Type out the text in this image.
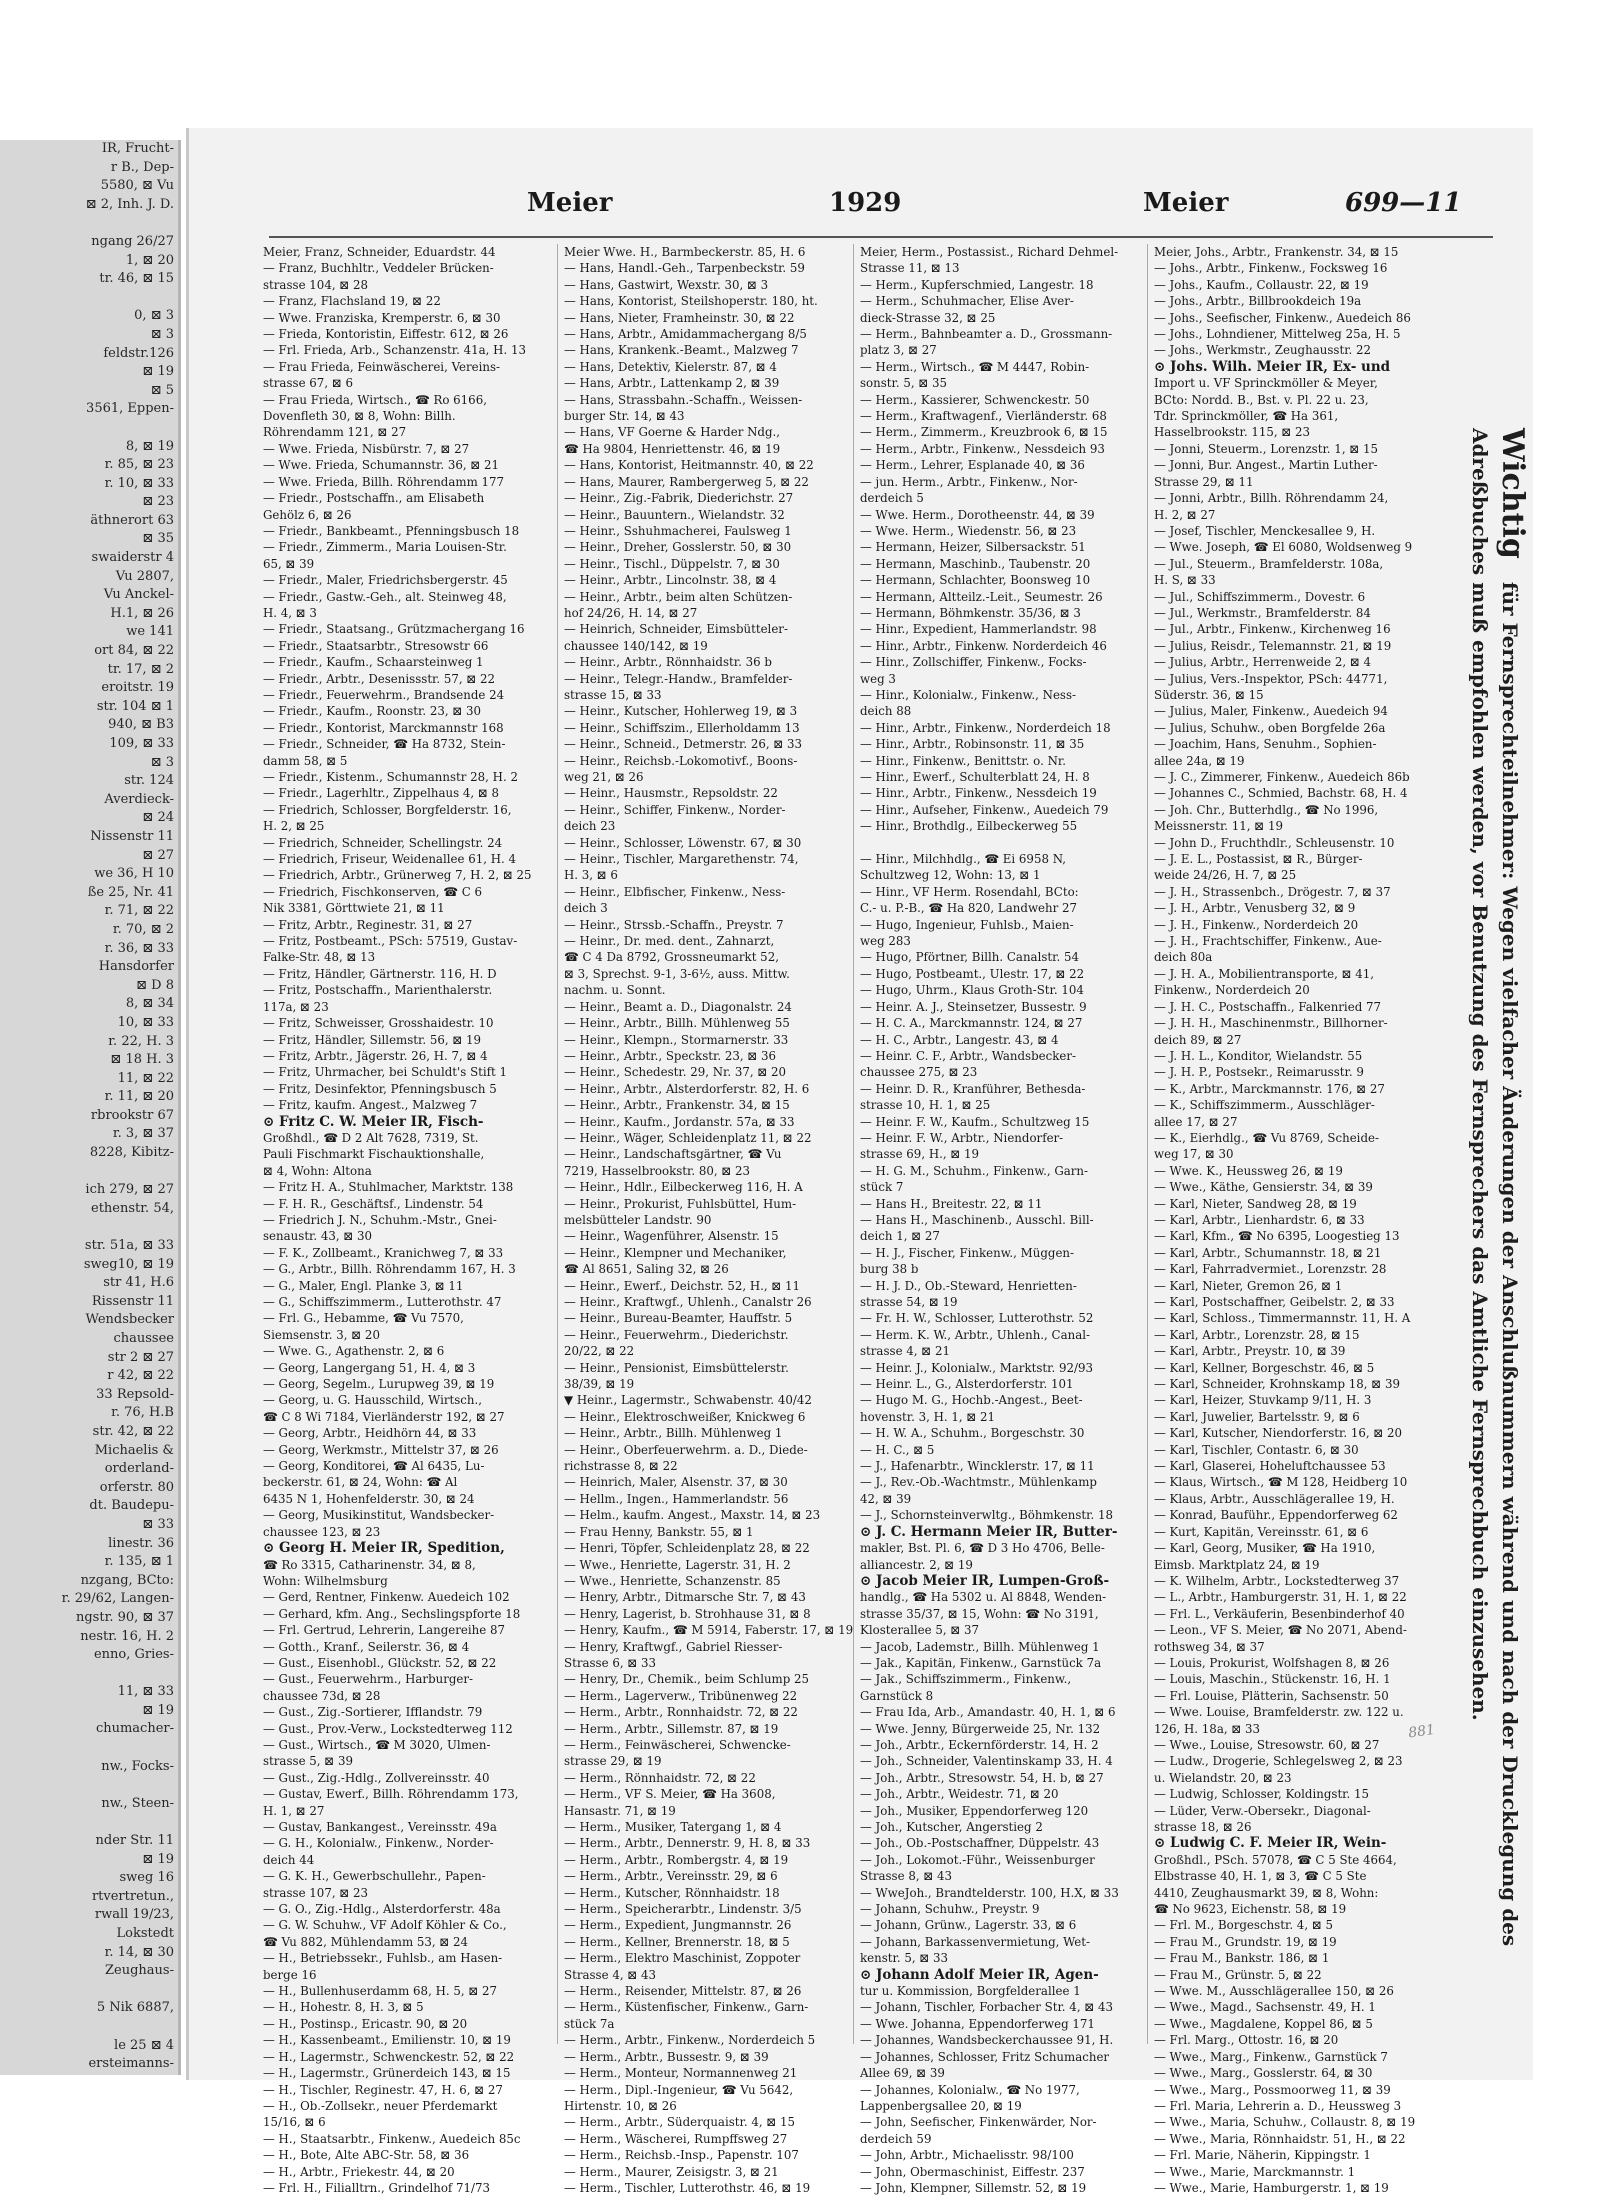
IR, Frucht-
r B., Dep-
5580, ⊠ Vu
⊠ 2, Inh. J. D.

ngang 26/27
1, ⊠ 20
tr. 46, ⊠ 15

0, ⊠ 3
⊠ 3
feldstr.126
⊠ 19
⊠ 5
3561, Eppen-

8, ⊠ 19
r. 85, ⊠ 23
r. 10, ⊠ 33
⊠ 23
äthnerort 63
⊠ 35
swaiderstr 4
Vu 2807,
Vu Anckel-
H.1, ⊠ 26
we 141
ort 84, ⊠ 22
tr. 17, ⊠ 2
eroitstr. 19
str. 104 ⊠ 1
940, ⊠ B3
109, ⊠ 33
⊠ 3
str. 124
Averdieck-
⊠ 24
Nissenstr 11
⊠ 27
we 36, H 10
ße 25, Nr. 41
r. 71, ⊠ 22
r. 70, ⊠ 2
r. 36, ⊠ 33
Hansdorfer
⊠ D 8
8, ⊠ 34
10, ⊠ 33
r. 22, H. 3
⊠ 18 H. 3
11, ⊠ 22
r. 11, ⊠ 20
rbrookstr 67
r. 3, ⊠ 37
8228, Kibitz-

ich 279, ⊠ 27
ethenstr. 54,

str. 51a, ⊠ 33
sweg10, ⊠ 19
str 41, H.6
Rissenstr 11
Wendsbecker
chaussee
str 2 ⊠ 27
r 42, ⊠ 22
33 Repsold-
r. 76, H.B
str. 42, ⊠ 22
Michaelis &
orderland-
orferstr. 80
dt. Baudepu-
⊠ 33
linestr. 36
r. 135, ⊠ 1
nzgang, BCto:
r. 29/62, Langen-
ngstr. 90, ⊠ 37
nestr. 16, H. 2
enno, Gries-

11, ⊠ 33
⊠ 19
chumacher-

nw., Focks-

nw., Steen-

nder Str. 11
⊠ 19
sweg 16
rtvertretun.,
rwall 19/23,
Lokstedt
r. 14, ⊠ 30
Zeughaus-

5 Nik 6887,

le 25 ⊠ 4
ersteimanns-
Meier	1929	Meier	699—11
Meier, Franz, Schneider, Eduardstr. 44
— Franz, Buchhltr., Veddeler Brücken-
strasse 104, ⊠ 28
— Franz, Flachsland 19, ⊠ 22
— Wwe. Franziska, Kremperstr. 6, ⊠ 30
— Frieda, Kontoristin, Eiffestr. 612, ⊠ 26
— Frl. Frieda, Arb., Schanzenstr. 41a, H. 13
— Frau Frieda, Feinwäscherei, Vereins-
strasse 67, ⊠ 6
— Frau Frieda, Wirtsch., ☎ Ro 6166,
Dovenfleth 30, ⊠ 8, Wohn: Billh.
Röhrendamm 121, ⊠ 27
— Wwe. Frieda, Nisbürstr. 7, ⊠ 27
— Wwe. Frieda, Schumannstr. 36, ⊠ 21
— Wwe. Frieda, Billh. Röhrendamm 177
— Friedr., Postschaffn., am Elisabeth
Gehölz 6, ⊠ 26
— Friedr., Bankbeamt., Pfenningsbusch 18
— Friedr., Zimmerm., Maria Louisen-Str.
65, ⊠ 39
— Friedr., Maler, Friedrichsbergerstr. 45
— Friedr., Gastw.-Geh., alt. Steinweg 48,
H. 4, ⊠ 3
— Friedr., Staatsang., Grützmachergang 16
— Friedr., Staatsarbtr., Stresowstr 66
— Friedr., Kaufm., Schaarsteinweg 1
— Friedr., Arbtr., Desenissstr. 57, ⊠ 22
— Friedr., Feuerwehrm., Brandsende 24
— Friedr., Kaufm., Roonstr. 23, ⊠ 30
— Friedr., Kontorist, Marckmannstr 168
— Friedr., Schneider, ☎ Ha 8732, Stein-
damm 58, ⊠ 5
— Friedr., Kistenm., Schumannstr 28, H. 2
— Friedr., Lagerhltr., Zippelhaus 4, ⊠ 8
— Friedrich, Schlosser, Borgfelderstr. 16,
H. 2, ⊠ 25
— Friedrich, Schneider, Schellingstr. 24
— Friedrich, Friseur, Weidenallee 61, H. 4
— Friedrich, Arbtr., Grünerweg 7, H. 2, ⊠ 25
— Friedrich, Fischkonserven, ☎ C 6
Nik 3381, Görttwiete 21, ⊠ 11
— Fritz, Arbtr., Reginestr. 31, ⊠ 27
— Fritz, Postbeamt., PSch: 57519, Gustav-
Falke-Str. 48, ⊠ 13
— Fritz, Händler, Gärtnerstr. 116, H. D
— Fritz, Postschaffn., Marienthalerstr.
117a, ⊠ 23
— Fritz, Schweisser, Grosshaidestr. 10
— Fritz, Händler, Sillemstr. 56, ⊠ 19
— Fritz, Arbtr., Jägerstr. 26, H. 7, ⊠ 4
— Fritz, Uhrmacher, bei Schuldt's Stift 1
— Fritz, Desinfektor, Pfenningsbusch 5
— Fritz, kaufm. Angest., Malzweg 7
⊙ Fritz C. W. Meier IR, Fisch-
Großhdl., ☎ D 2 Alt 7628, 7319, St.
Pauli Fischmarkt Fischauktionshalle,
⊠ 4, Wohn: Altona
— Fritz H. A., Stuhlmacher, Marktstr. 138
— F. H. R., Geschäftsf., Lindenstr. 54
— Friedrich J. N., Schuhm.-Mstr., Gnei-
senaustr. 43, ⊠ 30
— F. K., Zollbeamt., Kranichweg 7, ⊠ 33
— G., Arbtr., Billh. Röhrendamm 167, H. 3
— G., Maler, Engl. Planke 3, ⊠ 11
— G., Schiffszimmerm., Lutterothstr. 47
— Frl. G., Hebamme, ☎ Vu 7570,
Siemsenstr. 3, ⊠ 20
— Wwe. G., Agathenstr. 2, ⊠ 6
— Georg, Langergang 51, H. 4, ⊠ 3
— Georg, Segelm., Lurupweg 39, ⊠ 19
— Georg, u. G. Hausschild, Wirtsch.,
☎ C 8 Wi 7184, Vierländerstr 192, ⊠ 27
— Georg, Arbtr., Heidhörn 44, ⊠ 33
— Georg, Werkmstr., Mittelstr 37, ⊠ 26
— Georg, Konditorei, ☎ Al 6435, Lu-
beckerstr. 61, ⊠ 24, Wohn: ☎ Al
6435 N 1, Hohenfelderstr. 30, ⊠ 24
— Georg, Musikinstitut, Wandsbecker-
chaussee 123, ⊠ 23
⊙ Georg H. Meier IR, Spedition,
☎ Ro 3315, Catharinenstr. 34, ⊠ 8,
Wohn: Wilhelmsburg
— Gerd, Rentner, Finkenw. Auedeich 102
— Gerhard, kfm. Ang., Sechslingspforte 18
— Frl. Gertrud, Lehrerin, Langereihe 87
— Gotth., Kranf., Seilerstr. 36, ⊠ 4
— Gust., Eisenhobl., Glückstr. 52, ⊠ 22
— Gust., Feuerwehrm., Harburger-
chaussee 73d, ⊠ 28
— Gust., Zig.-Sortierer, Ifflandstr. 79
— Gust., Prov.-Verw., Lockstedterweg 112
— Gust., Wirtsch., ☎ M 3020, Ulmen-
strasse 5, ⊠ 39
— Gust., Zig.-Hdlg., Zollvereinsstr. 40
— Gustav, Ewerf., Billh. Röhrendamm 173,
H. 1, ⊠ 27
— Gustav, Bankangest., Vereinsstr. 49a
— G. H., Kolonialw., Finkenw., Norder-
deich 44
— G. K. H., Gewerbschullehr., Papen-
strasse 107, ⊠ 23
— G. O., Zig.-Hdlg., Alsterdorferstr. 48a
— G. W. Schuhw., VF Adolf Köhler & Co.,
☎ Vu 882, Mühlendamm 53, ⊠ 24
— H., Betriebssekr., Fuhlsb., am Hasen-
berge 16
— H., Bullenhuserdamm 68, H. 5, ⊠ 27
— H., Hohestr. 8, H. 3, ⊠ 5
— H., Postinsp., Ericastr. 90, ⊠ 20
— H., Kassenbeamt., Emilienstr. 10, ⊠ 19
— H., Lagermstr., Schwenckestr. 52, ⊠ 22
— H., Lagermstr., Grünerdeich 143, ⊠ 15
— H., Tischler, Reginestr. 47, H. 6, ⊠ 27
— H., Ob.-Zollsekr., neuer Pferdemarkt
15/16, ⊠ 6
— H., Staatsarbtr., Finkenw., Auedeich 85c
— H., Bote, Alte ABC-Str. 58, ⊠ 36
— H., Arbtr., Friekestr. 44, ⊠ 20
— Frl. H., Filialltrn., Grindelhof 71/73
Meier Wwe. H., Barmbeckerstr. 85, H. 6
— Hans, Handl.-Geh., Tarpenbeckstr. 59
— Hans, Gastwirt, Wexstr. 30, ⊠ 3
— Hans, Kontorist, Steilshoperstr. 180, ht.
— Hans, Nieter, Framheinstr. 30, ⊠ 22
— Hans, Arbtr., Amidammachergang 8/5
— Hans, Krankenk.-Beamt., Malzweg 7
— Hans, Detektiv, Kielerstr. 87, ⊠ 4
— Hans, Arbtr., Lattenkamp 2, ⊠ 39
— Hans, Strassbahn.-Schaffn., Weissen-
burger Str. 14, ⊠ 43
— Hans, VF Goerne & Harder Ndg.,
☎ Ha 9804, Henriettenstr. 46, ⊠ 19
— Hans, Kontorist, Heitmannstr. 40, ⊠ 22
— Hans, Maurer, Rambergerweg 5, ⊠ 22
— Heinr., Zig.-Fabrik, Diederichstr. 27
— Heinr., Bauuntern., Wielandstr. 32
— Heinr., Sshuhmacherei, Faulsweg 1
— Heinr., Dreher, Gosslerstr. 50, ⊠ 30
— Heinr., Tischl., Düppelstr. 7, ⊠ 30
— Heinr., Arbtr., Lincolnstr. 38, ⊠ 4
— Heinr., Arbtr., beim alten Schützen-
hof 24/26, H. 14, ⊠ 27
— Heinrich, Schneider, Eimsbütteler-
chaussee 140/142, ⊠ 19
— Heinr., Arbtr., Rönnhaidstr. 36 b
— Heinr., Telegr.-Handw., Bramfelder-
strasse 15, ⊠ 33
— Heinr., Kutscher, Hohlerweg 19, ⊠ 3
— Heinr., Schiffszim., Ellerholdamm 13
— Heinr., Schneid., Detmerstr. 26, ⊠ 33
— Heinr., Reichsb.-Lokomotivf., Boons-
weg 21, ⊠ 26
— Heinr., Hausmstr., Repsoldstr. 22
— Heinr., Schiffer, Finkenw., Norder-
deich 23
— Heinr., Schlosser, Löwenstr. 67, ⊠ 30
— Heinr., Tischler, Margarethenstr. 74,
H. 3, ⊠ 6
— Heinr., Elbfischer, Finkenw., Ness-
deich 3
— Heinr., Strssb.-Schaffn., Preystr. 7
— Heinr., Dr. med. dent., Zahnarzt,
☎ C 4 Da 8792, Grossneumarkt 52,
⊠ 3, Sprechst. 9-1, 3-6½, auss. Mittw.
nachm. u. Sonnt.
— Heinr., Beamt a. D., Diagonalstr. 24
— Heinr., Arbtr., Billh. Mühlenweg 55
— Heinr., Klempn., Stormarnerstr. 33
— Heinr., Arbtr., Speckstr. 23, ⊠ 36
— Heinr., Schedestr. 29, Nr. 37, ⊠ 20
— Heinr., Arbtr., Alsterdorferstr. 82, H. 6
— Heinr., Arbtr., Frankenstr. 34, ⊠ 15
— Heinr., Kaufm., Jordanstr. 57a, ⊠ 33
— Heinr., Wäger, Schleidenplatz 11, ⊠ 22
— Heinr., Landschaftsgärtner, ☎ Vu
7219, Hasselbrookstr. 80, ⊠ 23
— Heinr., Hdlr., Eilbeckerweg 116, H. A
— Heinr., Prokurist, Fuhlsbüttel, Hum-
melsbütteler Landstr. 90
— Heinr., Wagenführer, Alsenstr. 15
— Heinr., Klempner und Mechaniker,
☎ Al 8651, Saling 32, ⊠ 26
— Heinr., Ewerf., Deichstr. 52, H., ⊠ 11
— Heinr., Kraftwgf., Uhlenh., Canalstr 26
— Heinr., Bureau-Beamter, Hauffstr. 5
— Heinr., Feuerwehrm., Diederichstr.
20/22, ⊠ 22
— Heinr., Pensionist, Eimsbüttelerstr.
38/39, ⊠ 19
▼ Heinr., Lagermstr., Schwabenstr. 40/42
— Heinr., Elektroschweißer, Knickweg 6
— Heinr., Arbtr., Billh. Mühlenweg 1
— Heinr., Oberfeuerwehrm. a. D., Diede-
richstrasse 8, ⊠ 22
— Heinrich, Maler, Alsenstr. 37, ⊠ 30
— Hellm., Ingen., Hammerlandstr. 56
— Helm., kaufm. Angest., Maxstr. 14, ⊠ 23
— Frau Henny, Bankstr. 55, ⊠ 1
— Henri, Töpfer, Schleidenplatz 28, ⊠ 22
— Wwe., Henriette, Lagerstr. 31, H. 2
— Wwe., Henriette, Schanzenstr. 85
— Henry, Arbtr., Ditmarsche Str. 7, ⊠ 43
— Henry, Lagerist, b. Strohhause 31, ⊠ 8
— Henry, Kaufm., ☎ M 5914, Faberstr. 17, ⊠ 19
— Henry, Kraftwgf., Gabriel Riesser-
Strasse 6, ⊠ 33
— Henry, Dr., Chemik., beim Schlump 25
— Herm., Lagerverw., Tribünenweg 22
— Herm., Arbtr., Ronnhaidstr. 72, ⊠ 22
— Herm., Arbtr., Sillemstr. 87, ⊠ 19
— Herm., Feinwäscherei, Schwencke-
strasse 29, ⊠ 19
— Herm., Rönnhaidstr. 72, ⊠ 22
— Herm., VF S. Meier, ☎ Ha 3608,
Hansastr. 71, ⊠ 19
— Herm., Musiker, Tatergang 1, ⊠ 4
— Herm., Arbtr., Dennerstr. 9, H. 8, ⊠ 33
— Herm., Arbtr., Rombergstr. 4, ⊠ 19
— Herm., Arbtr., Vereinsstr. 29, ⊠ 6
— Herm., Kutscher, Rönnhaidstr. 18
— Herm., Speicherarbtr., Lindenstr. 3/5
— Herm., Expedient, Jungmannstr. 26
— Herm., Kellner, Brennerstr. 18, ⊠ 5
— Herm., Elektro Maschinist, Zoppoter
Strasse 4, ⊠ 43
— Herm., Reisender, Mittelstr. 87, ⊠ 26
— Herm., Küstenfischer, Finkenw., Garn-
stück 7a
— Herm., Arbtr., Finkenw., Norderdeich 5
— Herm., Arbtr., Bussestr. 9, ⊠ 39
— Herm., Monteur, Normannenweg 21
— Herm., Dipl.-Ingenieur, ☎ Vu 5642,
Hirtenstr. 10, ⊠ 26
— Herm., Arbtr., Süderquaistr. 4, ⊠ 15
— Herm., Wäscherei, Rumpffsweg 27
— Herm., Reichsb.-Insp., Papenstr. 107
— Herm., Maurer, Zeisigstr. 3, ⊠ 21
— Herm., Tischler, Lutterothstr. 46, ⊠ 19
Meier, Herm., Postassist., Richard Dehmel-
Strasse 11, ⊠ 13
— Herm., Kupferschmied, Langestr. 18
— Herm., Schuhmacher, Elise Aver-
dieck-Strasse 32, ⊠ 25
— Herm., Bahnbeamter a. D., Grossmann-
platz 3, ⊠ 27
— Herm., Wirtsch., ☎ M 4447, Robin-
sonstr. 5, ⊠ 35
— Herm., Kassierer, Schwenckestr. 50
— Herm., Kraftwagenf., Vierländerstr. 68
— Herm., Zimmerm., Kreuzbrook 6, ⊠ 15
— Herm., Arbtr., Finkenw., Nessdeich 93
— Herm., Lehrer, Esplanade 40, ⊠ 36
— jun. Herm., Arbtr., Finkenw., Nor-
derdeich 5
— Wwe. Herm., Dorotheenstr. 44, ⊠ 39
— Wwe. Herm., Wiedenstr. 56, ⊠ 23
— Hermann, Heizer, Silbersackstr. 51
— Hermann, Maschinb., Taubenstr. 20
— Hermann, Schlachter, Boonsweg 10
— Hermann, Altteilz.-Leit., Seumestr. 26
— Hermann, Böhmkenstr. 35/36, ⊠ 3
— Hinr., Expedient, Hammerlandstr. 98
— Hinr., Arbtr., Finkenw. Norderdeich 46
— Hinr., Zollschiffer, Finkenw., Focks-
weg 3
— Hinr., Kolonialw., Finkenw., Ness-
deich 88
— Hinr., Arbtr., Finkenw., Norderdeich 18
— Hinr., Arbtr., Robinsonstr. 11, ⊠ 35
— Hinr., Finkenw., Benittstr. o. Nr.
— Hinr., Ewerf., Schulterblatt 24, H. 8
— Hinr., Arbtr., Finkenw., Nessdeich 19
— Hinr., Aufseher, Finkenw., Auedeich 79
— Hinr., Brothdlg., Eilbeckerweg 55

— Hinr., Milchhdlg., ☎ Ei 6958 N,
Schultzweg 12, Wohn: 13, ⊠ 1
— Hinr., VF Herm. Rosendahl, BCto:
C.- u. P.-B., ☎ Ha 820, Landwehr 27
— Hugo, Ingenieur, Fuhlsb., Maien-
weg 283
— Hugo, Pförtner, Billh. Canalstr. 54
— Hugo, Postbeamt., Ulestr. 17, ⊠ 22
— Hugo, Uhrm., Klaus Groth-Str. 104
— Heinr. A. J., Steinsetzer, Bussestr. 9
— H. C. A., Marckmannstr. 124, ⊠ 27
— H. C., Arbtr., Langestr. 43, ⊠ 4
— Heinr. C. F., Arbtr., Wandsbecker-
chaussee 275, ⊠ 23
— Heinr. D. R., Kranführer, Bethesda-
strasse 10, H. 1, ⊠ 25
— Heinr. F. W., Kaufm., Schultzweg 15
— Heinr. F. W., Arbtr., Niendorfer-
strasse 69, H., ⊠ 19
— H. G. M., Schuhm., Finkenw., Garn-
stück 7
— Hans H., Breitestr. 22, ⊠ 11
— Hans H., Maschinenb., Ausschl. Bill-
deich 1, ⊠ 27
— H. J., Fischer, Finkenw., Müggen-
burg 38 b
— H. J. D., Ob.-Steward, Henrietten-
strasse 54, ⊠ 19
— Fr. H. W., Schlosser, Lutterothstr. 52
— Herm. K. W., Arbtr., Uhlenh., Canal-
strasse 4, ⊠ 21
— Heinr. J., Kolonialw., Marktstr. 92/93
— Heinr. L., G., Alsterdorferstr. 101
— Hugo M. G., Hochb.-Angest., Beet-
hovenstr. 3, H. 1, ⊠ 21
— H. W. A., Schuhm., Borgeschstr. 30
— H. C., ⊠ 5
— J., Hafenarbtr., Wincklerstr. 17, ⊠ 11
— J., Rev.-Ob.-Wachtmstr., Mühlenkamp
42, ⊠ 39
— J., Schornsteinverwltg., Böhmkenstr. 18
⊙ J. C. Hermann Meier IR, Butter-
makler, Bst. Pl. 6, ☎ D 3 Ho 4706, Belle-
alliancestr. 2, ⊠ 19
⊙ Jacob Meier IR, Lumpen-Groß-
handlg., ☎ Ha 5302 u. Al 8848, Wenden-
strasse 35/37, ⊠ 15, Wohn: ☎ No 3191,
Klosterallee 5, ⊠ 37
— Jacob, Lademstr., Billh. Mühlenweg 1
— Jak., Kapitän, Finkenw., Garnstück 7a
— Jak., Schiffszimmerm., Finkenw.,
Garnstück 8
— Frau Ida, Arb., Amandastr. 40, H. 1, ⊠ 6
— Wwe. Jenny, Bürgerweide 25, Nr. 132
— Joh., Arbtr., Eckernförderstr. 14, H. 2
— Joh., Schneider, Valentinskamp 33, H. 4
— Joh., Arbtr., Stresowstr. 54, H. b, ⊠ 27
— Joh., Arbtr., Weidestr. 71, ⊠ 20
— Joh., Musiker, Eppendorferweg 120
— Joh., Kutscher, Angerstieg 2
— Joh., Ob.-Postschaffner, Düppelstr. 43
— Joh., Lokomot.-Führ., Weissenburger
Strasse 8, ⊠ 43
— WweJoh., Brandtelderstr. 100, H.X, ⊠ 33
— Johann, Schuhw., Preystr. 9
— Johann, Grünw., Lagerstr. 33, ⊠ 6
— Johann, Barkassenvermietung, Wet-
kenstr. 5, ⊠ 33
⊙ Johann Adolf Meier IR, Agen-
tur u. Kommission, Borgfelderallee 1
— Johann, Tischler, Forbacher Str. 4, ⊠ 43
— Wwe. Johanna, Eppendorferweg 171
— Johannes, Wandsbeckerchaussee 91, H.
— Johannes, Schlosser, Fritz Schumacher
Allee 69, ⊠ 39
— Johannes, Kolonialw., ☎ No 1977,
Lappenbergsallee 20, ⊠ 19
— John, Seefischer, Finkenwärder, Nor-
derdeich 59
— John, Arbtr., Michaelisstr. 98/100
— John, Obermaschinist, Eiffestr. 237
— John, Klempner, Sillemstr. 52, ⊠ 19
Meier, Johs., Arbtr., Frankenstr. 34, ⊠ 15
— Johs., Arbtr., Finkenw., Focksweg 16
— Johs., Kaufm., Collaustr. 22, ⊠ 19
— Johs., Arbtr., Billbrookdeich 19a
— Johs., Seefischer, Finkenw., Auedeich 86
— Johs., Lohndiener, Mittelweg 25a, H. 5
— Johs., Werkmstr., Zeughausstr. 22
⊙ Johs. Wilh. Meier IR, Ex- und
Import u. VF Sprinckmöller & Meyer,
BCto: Nordd. B., Bst. v. Pl. 22 u. 23,
Tdr. Sprinckmöller, ☎ Ha 361,
Hasselbrookstr. 115, ⊠ 23
— Jonni, Steuerm., Lorenzstr. 1, ⊠ 15
— Jonni, Bur. Angest., Martin Luther-
Strasse 29, ⊠ 11
— Jonni, Arbtr., Billh. Röhrendamm 24,
H. 2, ⊠ 27
— Josef, Tischler, Menckesallee 9, H.
— Wwe. Joseph, ☎ El 6080, Woldsenweg 9
— Jul., Steuerm., Bramfelderstr. 108a,
H. S, ⊠ 33
— Jul., Schiffszimmerm., Dovestr. 6
— Jul., Werkmstr., Bramfelderstr. 84
— Jul., Arbtr., Finkenw., Kirchenweg 16
— Julius, Reisdr., Telemannstr. 21, ⊠ 19
— Julius, Arbtr., Herrenweide 2, ⊠ 4
— Julius, Vers.-Inspektor, PSch: 44771,
Süderstr. 36, ⊠ 15
— Julius, Maler, Finkenw., Auedeich 94
— Julius, Schuhw., oben Borgfelde 26a
— Joachim, Hans, Senuhm., Sophien-
allee 24a, ⊠ 19
— J. C., Zimmerer, Finkenw., Auedeich 86b
— Johannes C., Schmied, Bachstr. 68, H. 4
— Joh. Chr., Butterhdlg., ☎ No 1996,
Meissnerstr. 11, ⊠ 19
— John D., Fruchthdlr., Schleusenstr. 10
— J. E. L., Postassist, ⊠ R., Bürger-
weide 24/26, H. 7, ⊠ 25
— J. H., Strassenbch., Drögestr. 7, ⊠ 37
— J. H., Arbtr., Venusberg 32, ⊠ 9
— J. H., Finkenw., Norderdeich 20
— J. H., Frachtschiffer, Finkenw., Aue-
deich 80a
— J. H. A., Mobilientransporte, ⊠ 41,
Finkenw., Norderdeich 20
— J. H. C., Postschaffn., Falkenried 77
— J. H. H., Maschinenmstr., Billhorner-
deich 89, ⊠ 27
— J. H. L., Konditor, Wielandstr. 55
— J. H. P., Postsekr., Reimarusstr. 9
— K., Arbtr., Marckmannstr. 176, ⊠ 27
— K., Schiffszimmerm., Ausschläger-
allee 17, ⊠ 27
— K., Eierhdlg., ☎ Vu 8769, Scheide-
weg 17, ⊠ 30
— Wwe. K., Heussweg 26, ⊠ 19
— Wwe., Käthe, Gensierstr. 34, ⊠ 39
— Karl, Nieter, Sandweg 28, ⊠ 19
— Karl, Arbtr., Lienhardstr. 6, ⊠ 33
— Karl, Kfm., ☎ No 6395, Loogestieg 13
— Karl, Arbtr., Schumannstr. 18, ⊠ 21
— Karl, Fahrradvermiet., Lorenzstr. 28
— Karl, Nieter, Gremon 26, ⊠ 1
— Karl, Postschaffner, Geibelstr. 2, ⊠ 33
— Karl, Schloss., Timmermannstr. 11, H. A
— Karl, Arbtr., Lorenzstr. 28, ⊠ 15
— Karl, Arbtr., Preystr. 10, ⊠ 39
— Karl, Kellner, Borgeschstr. 46, ⊠ 5
— Karl, Schneider, Krohnskamp 18, ⊠ 39
— Karl, Heizer, Stuvkamp 9/11, H. 3
— Karl, Juwelier, Bartelsstr. 9, ⊠ 6
— Karl, Kutscher, Niendorferstr. 16, ⊠ 20
— Karl, Tischler, Contastr. 6, ⊠ 30
— Karl, Glaserei, Hoheluftchaussee 53
— Klaus, Wirtsch., ☎ M 128, Heidberg 10
— Klaus, Arbtr., Ausschlägerallee 19, H.
— Konrad, Bauführ., Eppendorferweg 62
— Kurt, Kapitän, Vereinsstr. 61, ⊠ 6
— Karl, Georg, Musiker, ☎ Ha 1910,
Eimsb. Marktplatz 24, ⊠ 19
— K. Wilhelm, Arbtr., Lockstedterweg 37
— L., Arbtr., Hamburgerstr. 31, H. 1, ⊠ 22
— Frl. L., Verkäuferin, Besenbinderhof 40
— Leon., VF S. Meier, ☎ No 2071, Abend-
rothsweg 34, ⊠ 37
— Louis, Prokurist, Wolfshagen 8, ⊠ 26
— Louis, Maschin., Stückenstr. 16, H. 1
— Frl. Louise, Plätterin, Sachsenstr. 50
— Wwe. Louise, Bramfelderstr. zw. 122 u.
126, H. 18a, ⊠ 33
— Wwe., Louise, Stresowstr. 60, ⊠ 27
— Ludw., Drogerie, Schlegelsweg 2, ⊠ 23
u. Wielandstr. 20, ⊠ 23
— Ludwig, Schlosser, Koldingstr. 15
— Lüder, Verw.-Obersekr., Diagonal-
strasse 18, ⊠ 26
⊙ Ludwig C. F. Meier IR, Wein-
Großhdl., PSch. 57078, ☎ C 5 Ste 4664,
Elbstrasse 40, H. 1, ⊠ 3, ☎ C 5 Ste
4410, Zeughausmarkt 39, ⊠ 8, Wohn:
☎ No 9623, Eichenstr. 58, ⊠ 19
— Frl. M., Borgeschstr. 4, ⊠ 5
— Frau M., Grundstr. 19, ⊠ 19
— Frau M., Bankstr. 186, ⊠ 1
— Frau M., Grünstr. 5, ⊠ 22
— Wwe. M., Ausschlägerallee 150, ⊠ 26
— Wwe., Magd., Sachsenstr. 49, H. 1
— Wwe., Magdalene, Koppel 86, ⊠ 5
— Frl. Marg., Ottostr. 16, ⊠ 20
— Wwe., Marg., Finkenw., Garnstück 7
— Wwe., Marg., Gosslerstr. 64, ⊠ 30
— Wwe., Marg., Possmoorweg 11, ⊠ 39
— Frl. Maria, Lehrerin a. D., Heussweg 3
— Wwe., Maria, Schuhw., Collaustr. 8, ⊠ 19
— Wwe., Maria, Rönnhaidstr. 51, H., ⊠ 22
— Frl. Marie, Näherin, Kippingstr. 1
— Wwe., Marie, Marckmannstr. 1
— Wwe., Marie, Hamburgerstr. 1, ⊠ 19
Wichtig für Fernsprechteilnehmer: Wegen vielfacher Änderungen der Anschlußnummern während und nach der Drucklegung des Adreßbuches muß empfohlen werden, vor Benutzung des Fernsprechers das Amtliche Fernsprechbuch einzusehen.
881
